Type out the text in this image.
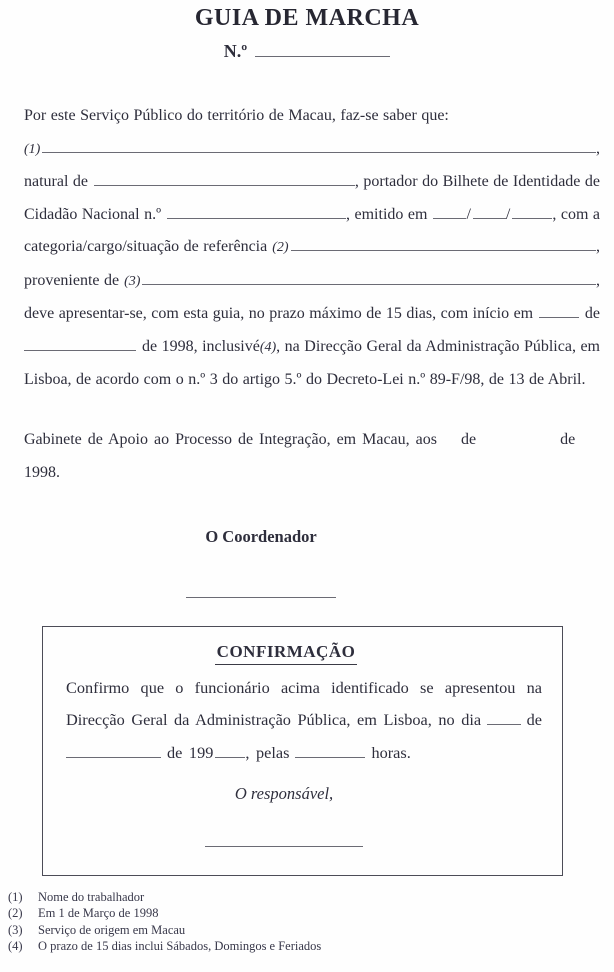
GUIA DE MARCHA
N.º
Por este Serviço Público do território de Macau, faz-se saber que:
(1)	,
natural de	, portador do Bilhete de Identidade de
Cidadão Nacional n.º	, emitido em / /	, com a
categoria/cargo/situação de referência (2)	,
proveniente de (3)	,
deve apresentar-se, com esta guia, no prazo máximo de 15 dias, com início em	de
de 1998, inclusivé (4) , na Direcção Geral da Administração Pública, em
Lisboa, de acordo com o n.º 3 do artigo 5.º do Decreto-Lei n.º 89-F/98, de 13 de Abril.
Gabinete de Apoio ao Processo de Integração, em Macau, aos de	de
1998.
O Coordenador
CONFIRMAÇÃO
Confirmo que o funcionário acima identificado se apresentou na
Direcção Geral da Administração Pública, em Lisboa, no dia	de
de 199 , pelas	horas.
O responsável,
(1)	Nome do trabalhador
(2)	Em 1 de Março de 1998
(3)	Serviço de origem em Macau
(4)	O prazo de 15 dias inclui Sábados, Domingos e Feriados
